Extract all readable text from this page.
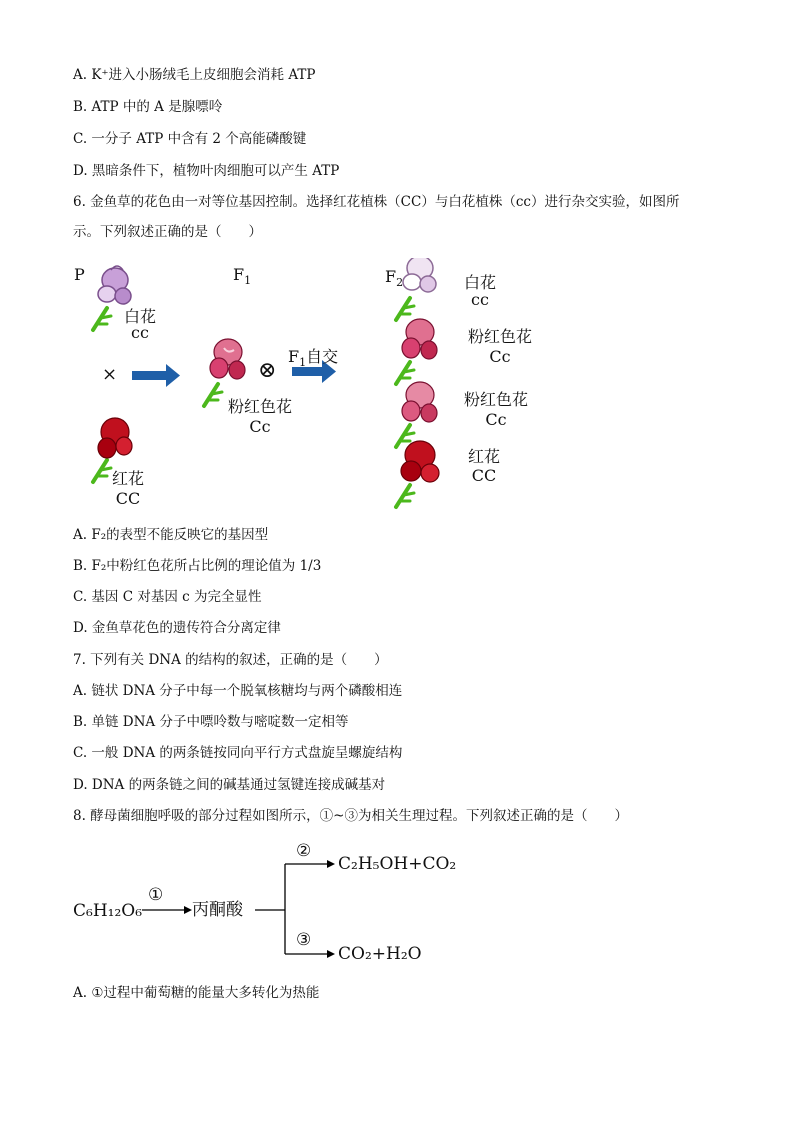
A. K⁺进入小肠绒毛上皮细胞会消耗 ATP
B. ATP 中的 A 是腺嘌呤
C. 一分子 ATP 中含有 2 个高能磷酸键
D. 黑暗条件下，植物叶肉细胞可以产生 ATP
6. 金鱼草的花色由一对等位基因控制。选择红花植株（CC）与白花植株（cc）进行杂交实验，如图所
示。下列叙述正确的是（　　）
P	$F_1$	$F_2$
白花
cc
×
红花
CC
⊗
$F_1$自交
粉红色花
Cc
白花
cc
粉红色花
Cc
粉红色花
Cc
红花
CC
A. F₂的表型不能反映它的基因型
B. F₂中粉红色花所占比例的理论值为 1/3
C. 基因 C 对基因 c 为完全显性
D. 金鱼草花色的遗传符合分离定律
7. 下列有关 DNA 的结构的叙述，正确的是（　　）
A. 链状 DNA 分子中每一个脱氧核糖均与两个磷酸相连
B. 单链 DNA 分子中嘌呤数与嘧啶数一定相等
C. 一般 DNA 的两条链按同向平行方式盘旋呈螺旋结构
D. DNA 的两条链之间的碱基通过氢键连接成碱基对
8. 酵母菌细胞呼吸的部分过程如图所示，①~③为相关生理过程。下列叙述正确的是（　　）
C₆H₁₂O₆
①
丙酮酸
②
C₂H₅OH+CO₂
③
CO₂+H₂O
A. ①过程中葡萄糖的能量大多转化为热能
